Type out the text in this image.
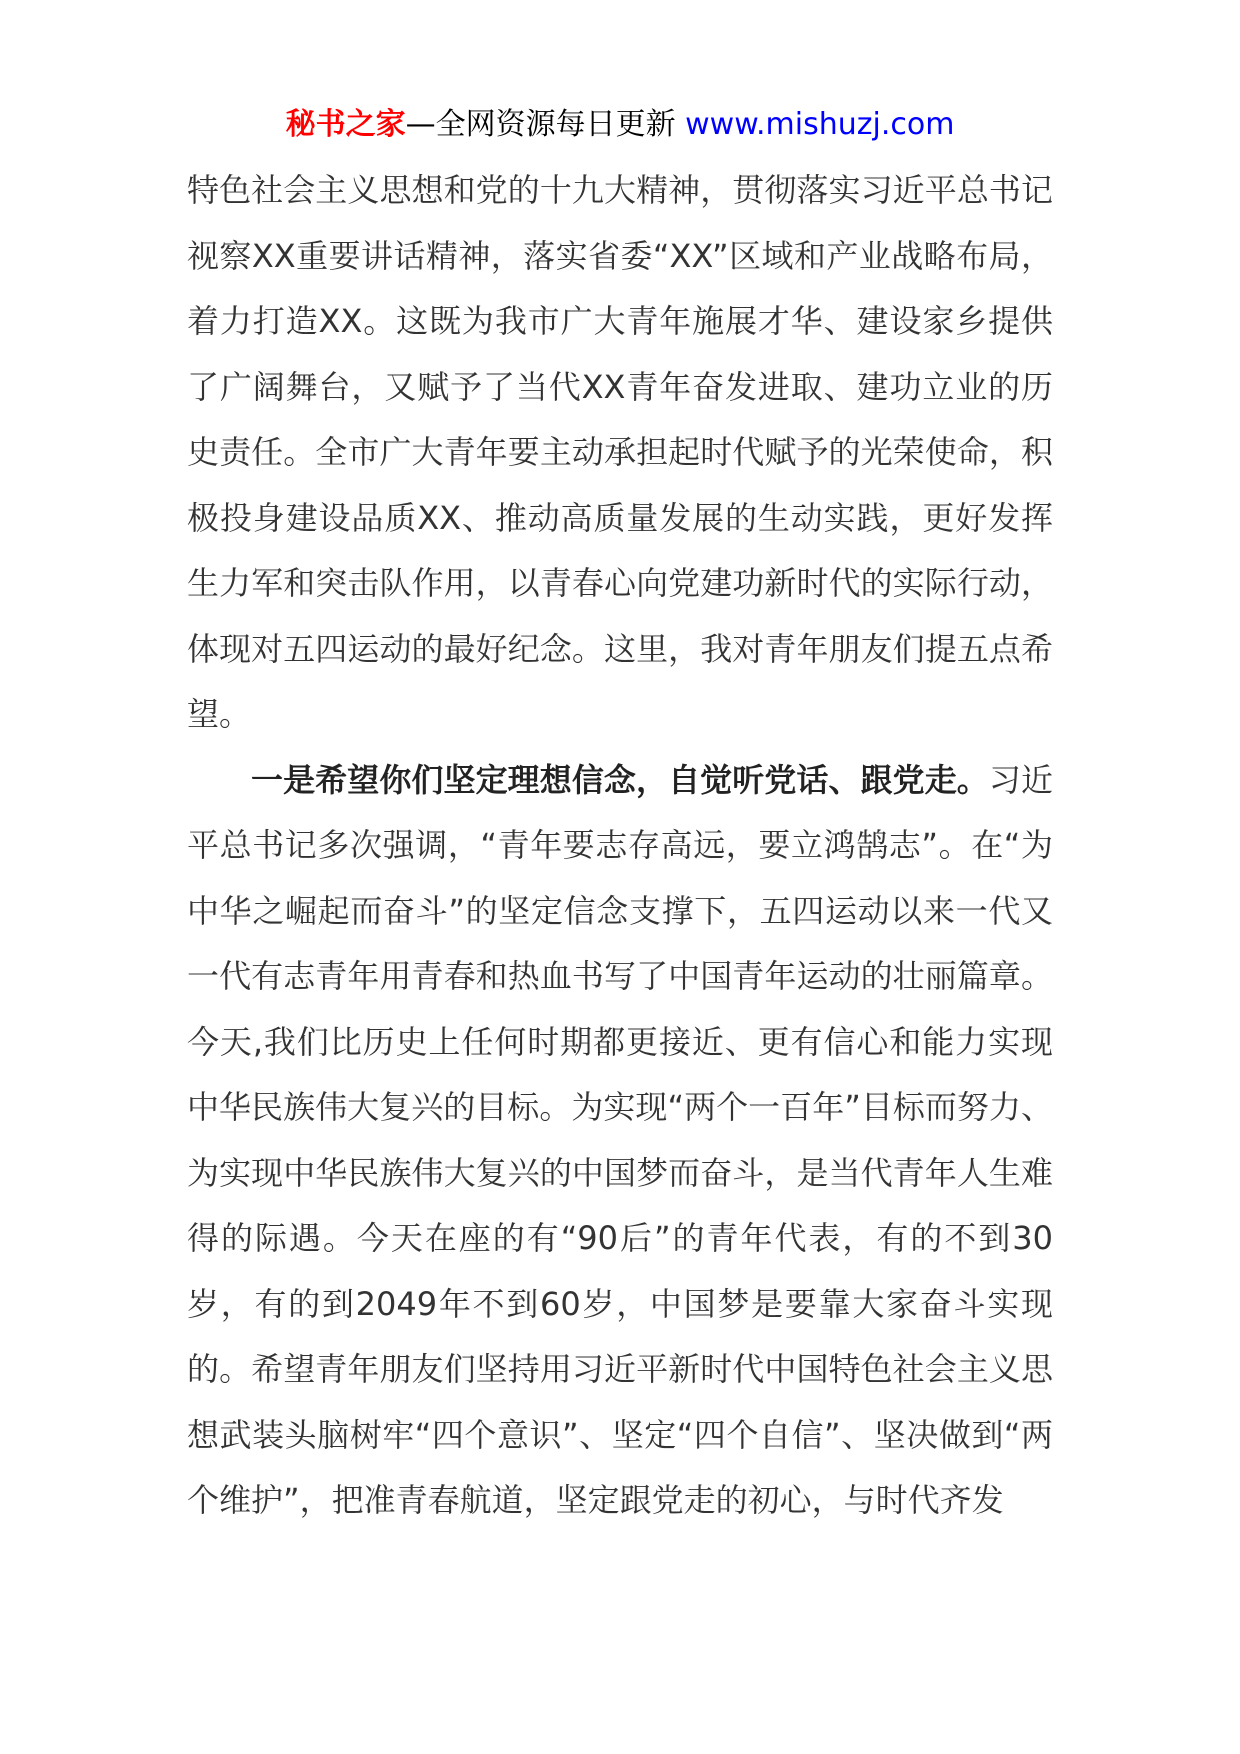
秘书之家—全网资源每日更新 www.mishuzj.com

特色社会主义思想和党的十九大精神，贯彻落实习近平总书记视察XX重要讲话精神，落实省委“XX”区域和产业战略布局，着力打造XX。这既为我市广大青年施展才华、建设家乡提供了广阔舞台，又赋予了当代XX青年奋发进取、建功立业的历史责任。全市广大青年要主动承担起时代赋予的光荣使命，积极投身建设品质XX、推动高质量发展的生动实践，更好发挥生力军和突击队作用，以青春心向党建功新时代的实际行动，体现对五四运动的最好纪念。这里，我对青年朋友们提五点希望。

一是希望你们坚定理想信念，自觉听党话、跟党走。习近平总书记多次强调，“青年要志存高远，要立鸿鹄志”。在“为中华之崛起而奋斗”的坚定信念支撑下，五四运动以来一代又一代有志青年用青春和热血书写了中国青年运动的壮丽篇章。今天,我们比历史上任何时期都更接近、更有信心和能力实现中华民族伟大复兴的目标。为实现“两个一百年”目标而努力、为实现中华民族伟大复兴的中国梦而奋斗，是当代青年人生难得的际遇。今天在座的有“90后”的青年代表，有的不到30岁，有的到2049年不到60岁，中国梦是要靠大家奋斗实现的。希望青年朋友们坚持用习近平新时代中国特色社会主义思想武装头脑树牢“四个意识”、坚定“四个自信”、坚决做到“两个维护”，把准青春航道，坚定跟党走的初心，与时代齐发
